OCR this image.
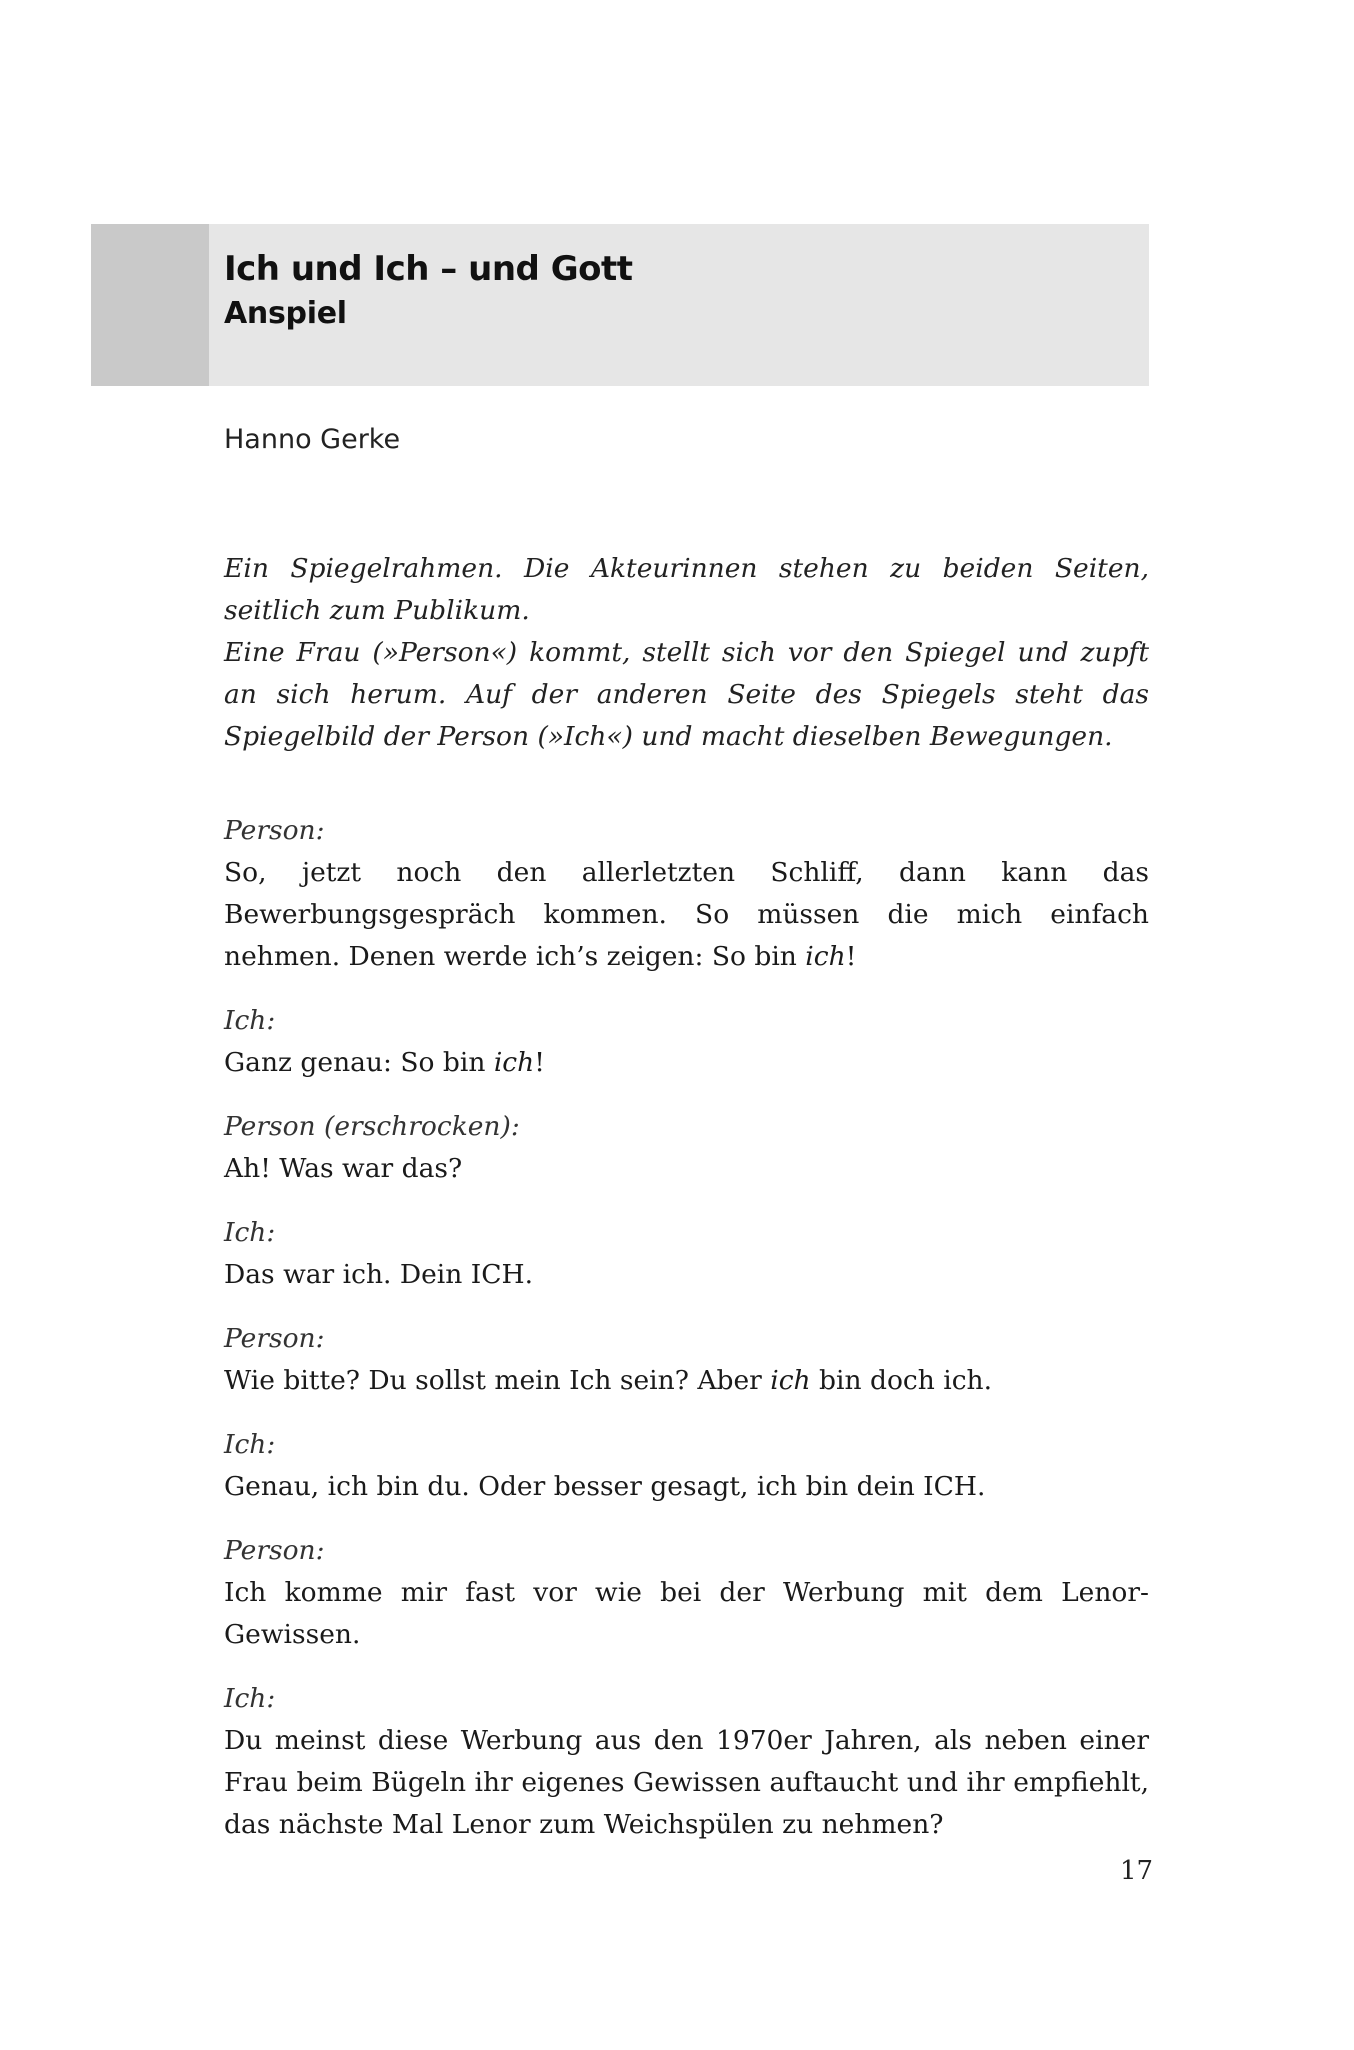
Ich und Ich – und Gott
Anspiel
Hanno Gerke

Ein Spiegelrahmen. Die Akteurinnen stehen zu beiden Seiten, seitlich zum Publikum.

Eine Frau (»Person«) kommt, stellt sich vor den Spiegel und zupft an sich herum. Auf der anderen Seite des Spiegels steht das Spiegelbild der Person (»Ich«) und macht dieselben Bewegungen.

Person:
So, jetzt noch den allerletzten Schliff, dann kann das Bewerbungsgespräch kommen. So müssen die mich einfach nehmen. Denen werde ich’s zeigen: So bin ich!
Ich:
Ganz genau: So bin ich!
Person (erschrocken):
Ah! Was war das?
Ich:
Das war ich. Dein ICH.
Person:
Wie bitte? Du sollst mein Ich sein? Aber ich bin doch ich.
Ich:
Genau, ich bin du. Oder besser gesagt, ich bin dein ICH.
Person:
Ich komme mir fast vor wie bei der Werbung mit dem Lenor-Gewissen.
Ich:
Du meinst diese Werbung aus den 1970er Jahren, als neben einer Frau beim Bügeln ihr eigenes Gewissen auftaucht und ihr empfiehlt, das nächste Mal Lenor zum Weichspülen zu nehmen?
17
